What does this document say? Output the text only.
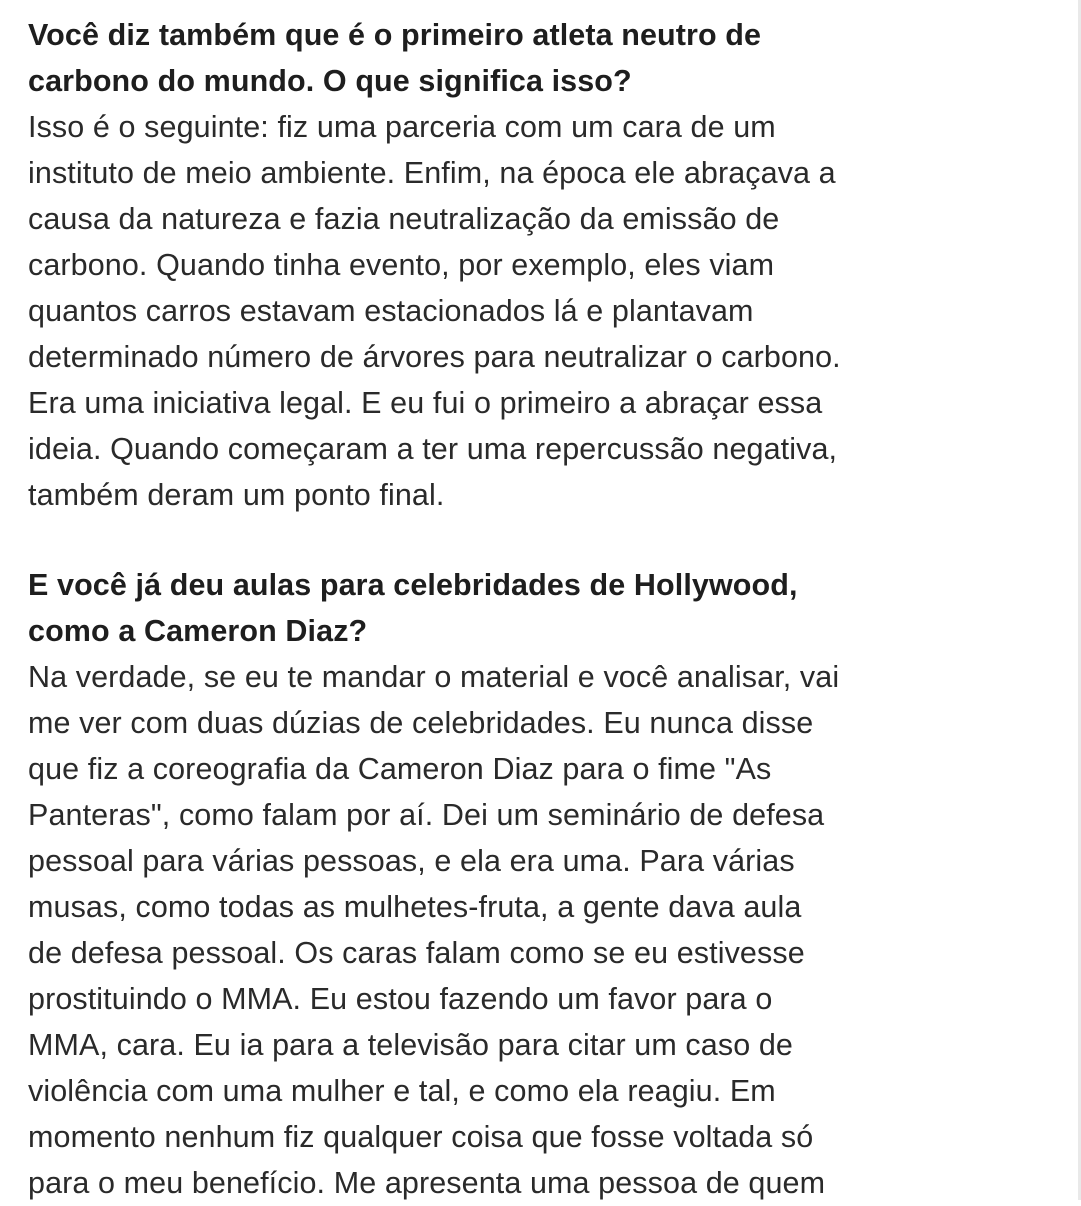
Você diz também que é o primeiro atleta neutro de
carbono do mundo. O que significa isso?
Isso é o seguinte: fiz uma parceria com um cara de um
instituto de meio ambiente. Enfim, na época ele abraçava a
causa da natureza e fazia neutralização da emissão de
carbono. Quando tinha evento, por exemplo, eles viam
quantos carros estavam estacionados lá e plantavam
determinado número de árvores para neutralizar o carbono.
Era uma iniciativa legal. E eu fui o primeiro a abraçar essa
ideia. Quando começaram a ter uma repercussão negativa,
também deram um ponto final.
E você já deu aulas para celebridades de Hollywood,
como a Cameron Diaz?
Na verdade, se eu te mandar o material e você analisar, vai
me ver com duas dúzias de celebridades. Eu nunca disse
que fiz a coreografia da Cameron Diaz para o fime "As
Panteras", como falam por aí. Dei um seminário de defesa
pessoal para várias pessoas, e ela era uma. Para várias
musas, como todas as mulhetes-fruta, a gente dava aula
de defesa pessoal. Os caras falam como se eu estivesse
prostituindo o MMA. Eu estou fazendo um favor para o
MMA, cara. Eu ia para a televisão para citar um caso de
violência com uma mulher e tal, e como ela reagiu. Em
momento nenhum fiz qualquer coisa que fosse voltada só
para o meu benefício. Me apresenta uma pessoa de quem
